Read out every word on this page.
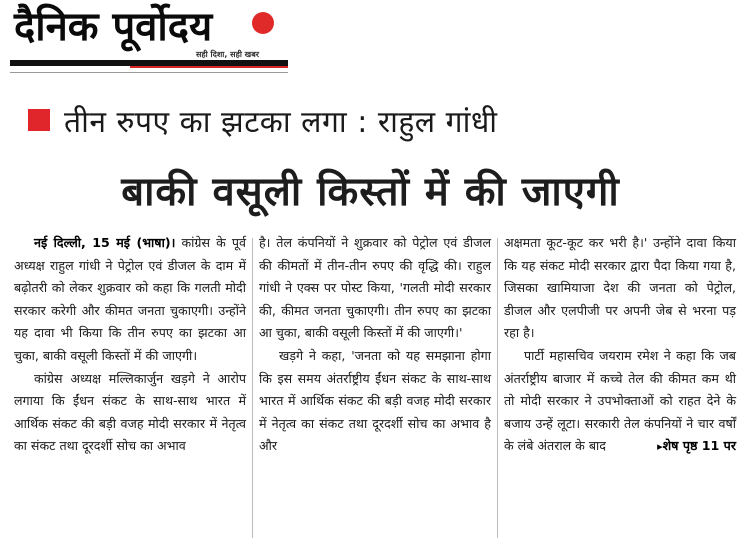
दैनिक पूर्वोदय
सही दिशा, सही खबर
तीन रुपए का झटका लगा : राहुल गांधी
बाकी वसूली किस्तों में की जाएगी

नई दिल्ली, 15 मई (भाषा)। कांग्रेस के पूर्व अध्यक्ष राहुल गांधी ने पेट्रोल एवं डीजल के दाम में बढ़ोतरी को लेकर शुक्रवार को कहा कि गलती मोदी सरकार करेगी और कीमत जनता चुकाएगी। उन्होंने यह दावा भी किया कि तीन रुपए का झटका आ चुका, बाकी वसूली किस्तों में की जाएगी।

कांग्रेस अध्यक्ष मल्लिकार्जुन खड़गे ने आरोप लगाया कि ईंधन संकट के साथ-साथ भारत में आर्थिक संकट की बड़ी वजह मोदी सरकार में नेतृत्व का संकट तथा दूरदर्शी सोच का अभाव

है। तेल कंपनियों ने शुक्रवार को पेट्रोल एवं डीजल की कीमतों में तीन-तीन रुपए की वृद्धि की। राहुल गांधी ने एक्स पर पोस्ट किया, 'गलती मोदी सरकार की, कीमत जनता चुकाएगी। तीन रुपए का झटका आ चुका, बाकी वसूली किस्तों में की जाएगी।'

खड़गे ने कहा, 'जनता को यह समझाना होगा कि इस समय अंतर्राष्ट्रीय ईंधन संकट के साथ-साथ भारत में आर्थिक संकट की बड़ी वजह मोदी सरकार में नेतृत्व का संकट तथा दूरदर्शी सोच का अभाव है और

अक्षमता कूट-कूट कर भरी है।' उन्होंने दावा किया कि यह संकट मोदी सरकार द्वारा पैदा किया गया है, जिसका खामियाजा देश की जनता को पेट्रोल, डीजल और एलपीजी पर अपनी जेब से भरना पड़ रहा है।

पार्टी महासचिव जयराम रमेश ने कहा कि जब अंतर्राष्ट्रीय बाजार में कच्चे तेल की कीमत कम थी तो मोदी सरकार ने उपभोक्ताओं को राहत देने के बजाय उन्हें लूटा। सरकारी तेल कंपनियों ने चार वर्षों के लंबे अंतराल के बाद	▸शेष पृष्ठ 11 पर
